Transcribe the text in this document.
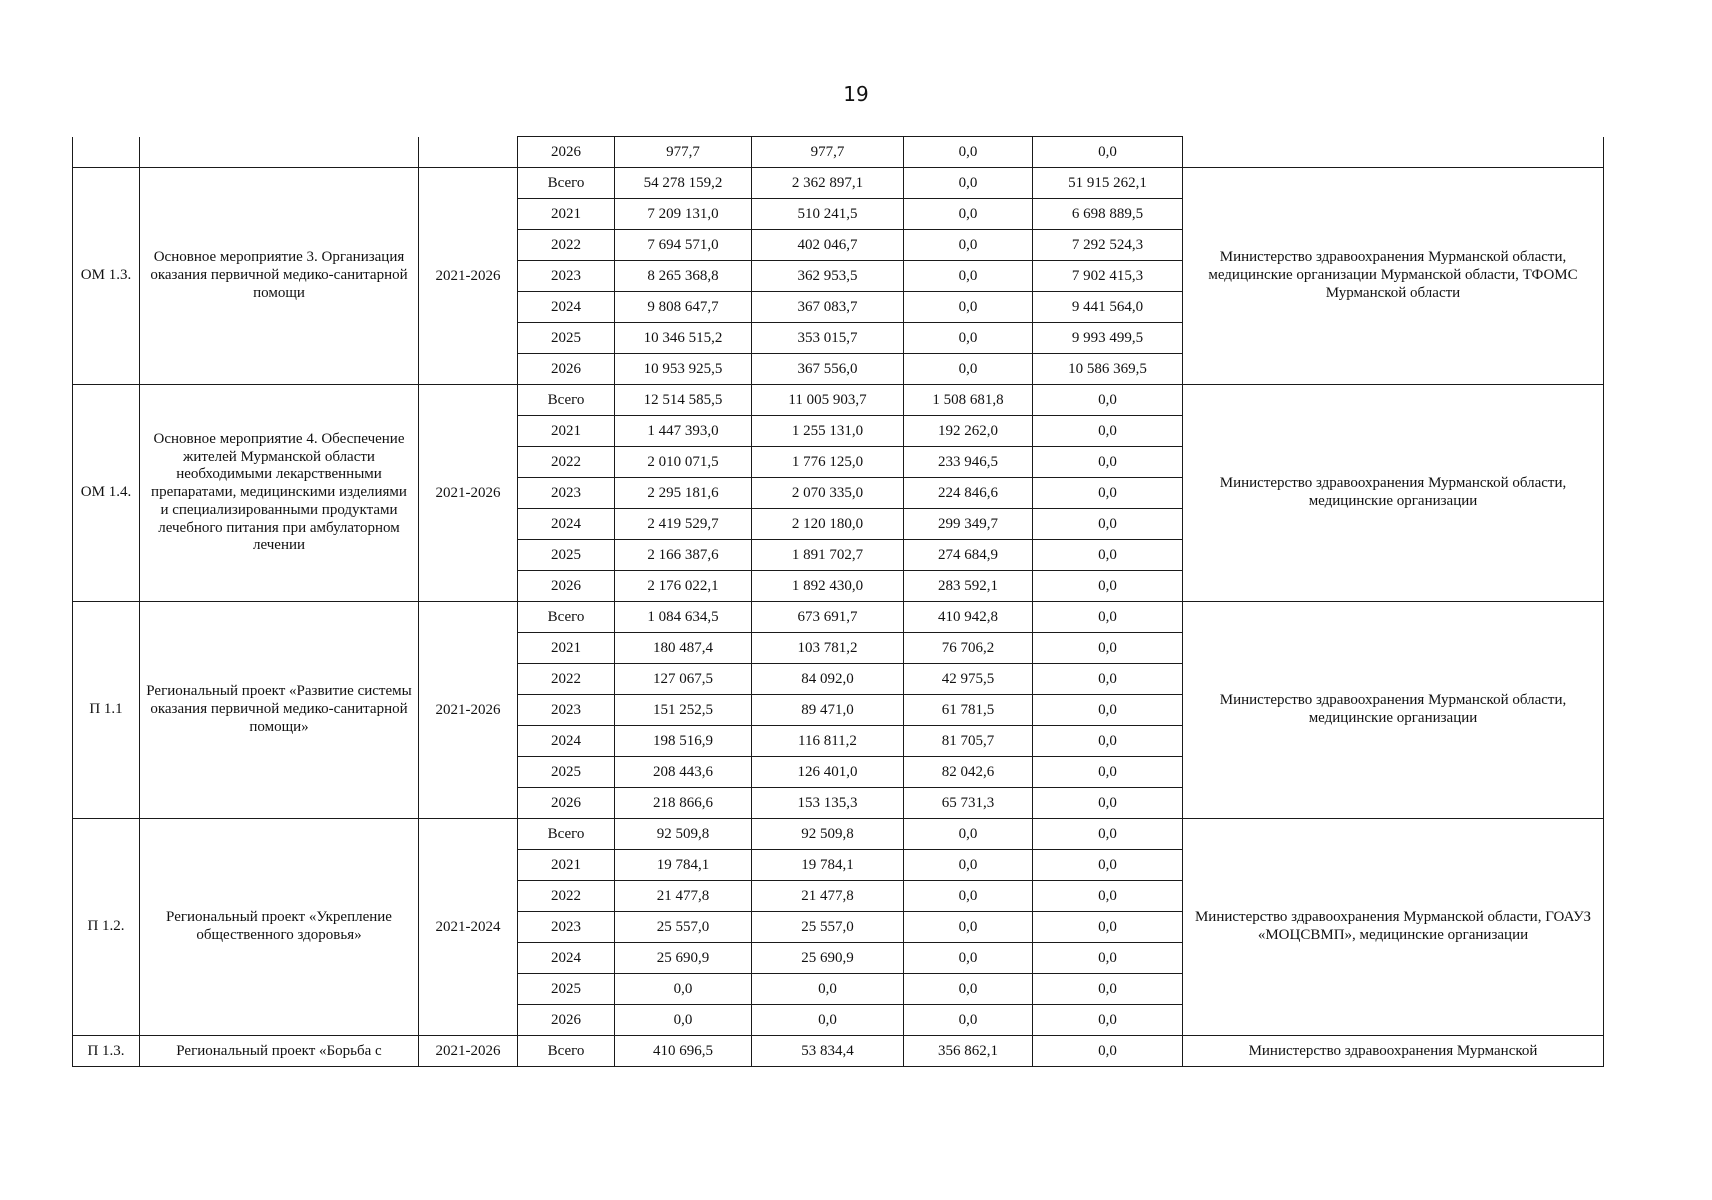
19
			2026	977,7	977,7	0,0	0,0	
ОМ 1.3.	Основное мероприятие 3. Организация оказания первичной медико-санитарной помощи	2021-2026	Всего	54 278 159,2	2 362 897,1	0,0	51 915 262,1	Министерство здравоохранения Мурманской области, медицинские организации Мурманской области, ТФОМС Мурманской области
			2021	7 209 131,0	510 241,5	0,0	6 698 889,5	
			2022	7 694 571,0	402 046,7	0,0	7 292 524,3	
			2023	8 265 368,8	362 953,5	0,0	7 902 415,3	
			2024	9 808 647,7	367 083,7	0,0	9 441 564,0	
			2025	10 346 515,2	353 015,7	0,0	9 993 499,5	
			2026	10 953 925,5	367 556,0	0,0	10 586 369,5	
ОМ 1.4.	Основное мероприятие 4. Обеспечение жителей Мурманской области необходимыми лекарственными препаратами, медицинскими изделиями и специализированными продуктами лечебного питания при амбулаторном лечении	2021-2026	Всего	12 514 585,5	11 005 903,7	1 508 681,8	0,0	Министерство здравоохранения Мурманской области, медицинские организации
			2021	1 447 393,0	1 255 131,0	192 262,0	0,0	
			2022	2 010 071,5	1 776 125,0	233 946,5	0,0	
			2023	2 295 181,6	2 070 335,0	224 846,6	0,0	
			2024	2 419 529,7	2 120 180,0	299 349,7	0,0	
			2025	2 166 387,6	1 891 702,7	274 684,9	0,0	
			2026	2 176 022,1	1 892 430,0	283 592,1	0,0	
П 1.1	Региональный проект «Развитие системы оказания первичной медико-санитарной помощи»	2021-2026	Всего	1 084 634,5	673 691,7	410 942,8	0,0	Министерство здравоохранения Мурманской области, медицинские организации
			2021	180 487,4	103 781,2	76 706,2	0,0	
			2022	127 067,5	84 092,0	42 975,5	0,0	
			2023	151 252,5	89 471,0	61 781,5	0,0	
			2024	198 516,9	116 811,2	81 705,7	0,0	
			2025	208 443,6	126 401,0	82 042,6	0,0	
			2026	218 866,6	153 135,3	65 731,3	0,0	
П 1.2.	Региональный проект «Укрепление общественного здоровья»	2021-2024	Всего	92 509,8	92 509,8	0,0	0,0	Министерство здравоохранения Мурманской области, ГОАУЗ «МОЦСВМП», медицинские организации
			2021	19 784,1	19 784,1	0,0	0,0	
			2022	21 477,8	21 477,8	0,0	0,0	
			2023	25 557,0	25 557,0	0,0	0,0	
			2024	25 690,9	25 690,9	0,0	0,0	
			2025	0,0	0,0	0,0	0,0	
			2026	0,0	0,0	0,0	0,0	
П 1.3.	Региональный проект «Борьба с	2021-2026	Всего	410 696,5	53 834,4	356 862,1	0,0	Министерство здравоохранения Мурманской
